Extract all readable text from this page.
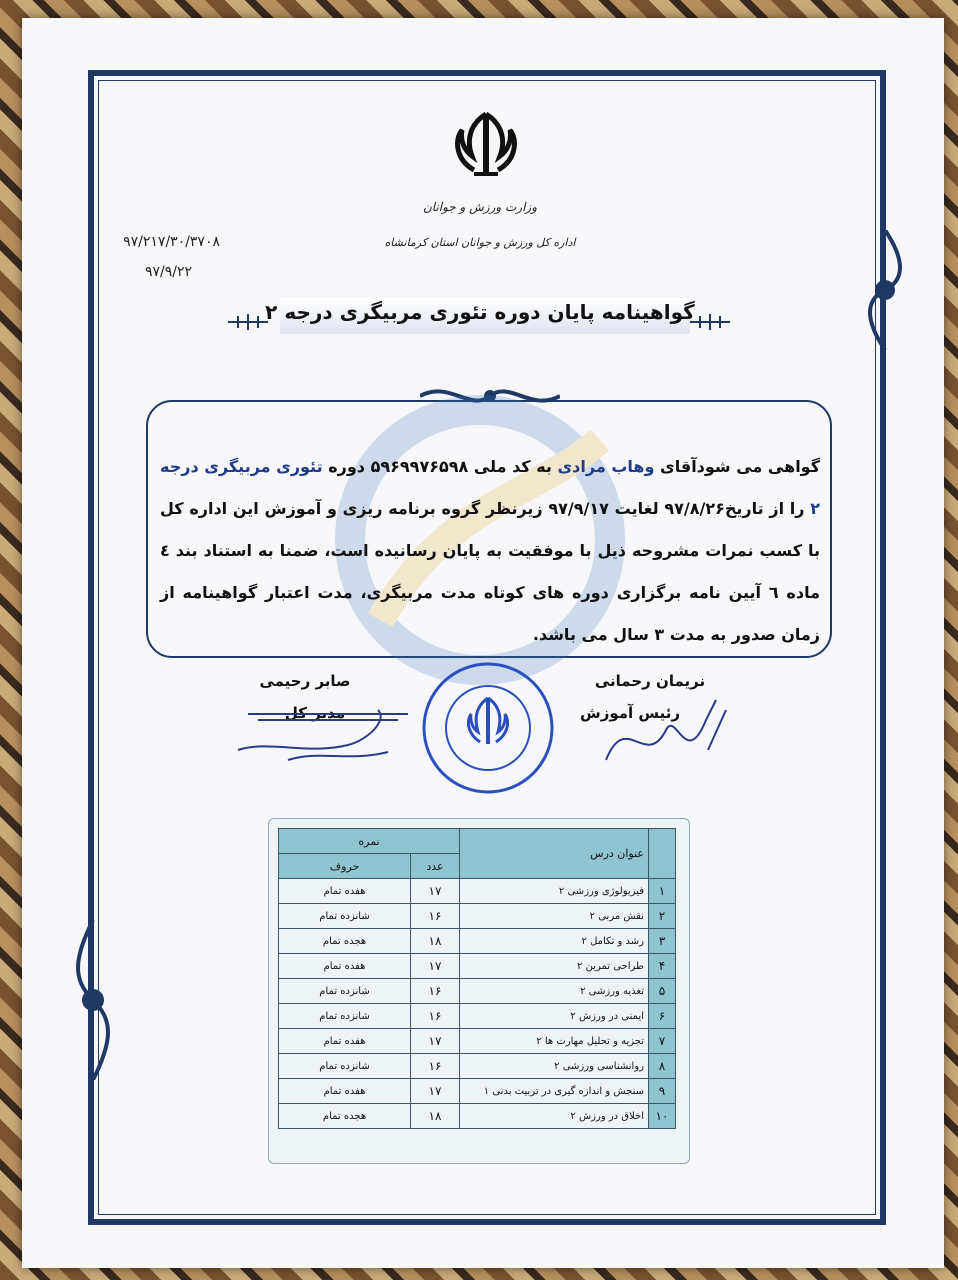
وزارت ورزش و جوانان
اداره کل ورزش و جوانان استان کرمانشاه
۹۷/۲۱۷/۳۰/۳۷۰۸
۹۷/۹/۲۲
گواهینامه پایان دوره تئوری مربیگری درجه ۲
گواهی می شودآقای وهاب مرادی به کد ملی ۵۹۶۹۹۷۶۵۹۸ دوره تئوری مربیگری درجه ۲ را از تاریخ۹۷/۸/۲۶ لغایت ۹۷/۹/۱۷ زیرنظر گروه برنامه ریزی و آموزش این اداره کل با کسب نمرات مشروحه ذیل با موفقیت به پایان رسانیده است، ضمنا به استناد بند ٤ ماده ٦ آیین نامه برگزاری دوره های کوتاه مدت مربیگری، مدت اعتبار گواهینامه از زمان صدور به مدت ۳ سال می باشد.
نریمان رحمانی
رئیس آموزش
صابر رحیمی
مدیر کل
	عنوان درس	نمره	
		عدد	حروف
۱	فیزیولوژی ورزشی ۲	۱۷	هفده تمام
۲	نقش مربی ۲	۱۶	شانزده تمام
۳	رشد و تکامل ۲	۱۸	هجده تمام
۴	طراحی تمرین ۲	۱۷	هفده تمام
۵	تغذیه ورزشی ۲	۱۶	شانزده تمام
۶	ایمنی در ورزش ۲	۱۶	شانزده تمام
۷	تجزیه و تحلیل مهارت ها ۲	۱۷	هفده تمام
۸	روانشناسی ورزشی ۲	۱۶	شانزده تمام
۹	سنجش و اندازه گیری در تربیت بدنی ۱	۱۷	هفده تمام
۱۰	اخلاق در ورزش ۲	۱۸	هجده تمام
